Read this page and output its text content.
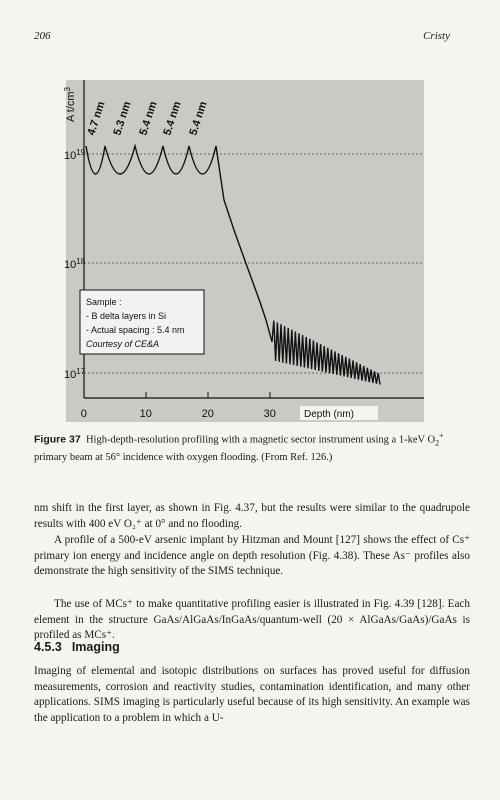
206	Cristy
A $t/cm^3$
$10^{19}$
$10^{18}$
$10^{17}$
0	10	20	30
4.7 nm 5.3 nm 5.4 nm 5.4 nm 5.4 nm
Sample :
- B delta layers in Si
- Actual spacing : 5.4 nm
Courtesy of CE&A
Depth (nm)
Figure 37 High-depth-resolution profiling with a magnetic sector instrument using a 1-keV $O_2^+$ primary beam at 56° incidence with oxygen flooding. (From Ref. 126.)

nm shift in the first layer, as shown in Fig. 4.37, but the results were similar to the quadrupole results with 400 eV O₂⁺ at 0° and no flooding.

A profile of a 500-eV arsenic implant by Hitzman and Mount [127] shows the effect of Cs⁺ primary ion energy and incidence angle on depth resolution (Fig. 4.38). These As⁻ profiles also demonstrate the high sensitivity of the SIMS technique.

The use of MCs⁺ to make quantitative profiling easier is illustrated in Fig. 4.39 [128]. Each element in the structure GaAs/AlGaAs/InGaAs/quantum-well (20 × AlGaAs/GaAs)/GaAs is profiled as MCs⁺.

4.5.3 Imaging

Imaging of elemental and isotopic distributions on surfaces has proved useful for diffusion measurements, corrosion and reactivity studies, contamination identification, and many other applications. SIMS imaging is particularly useful because of its high sensitivity. An example was the application to a problem in which a U-
